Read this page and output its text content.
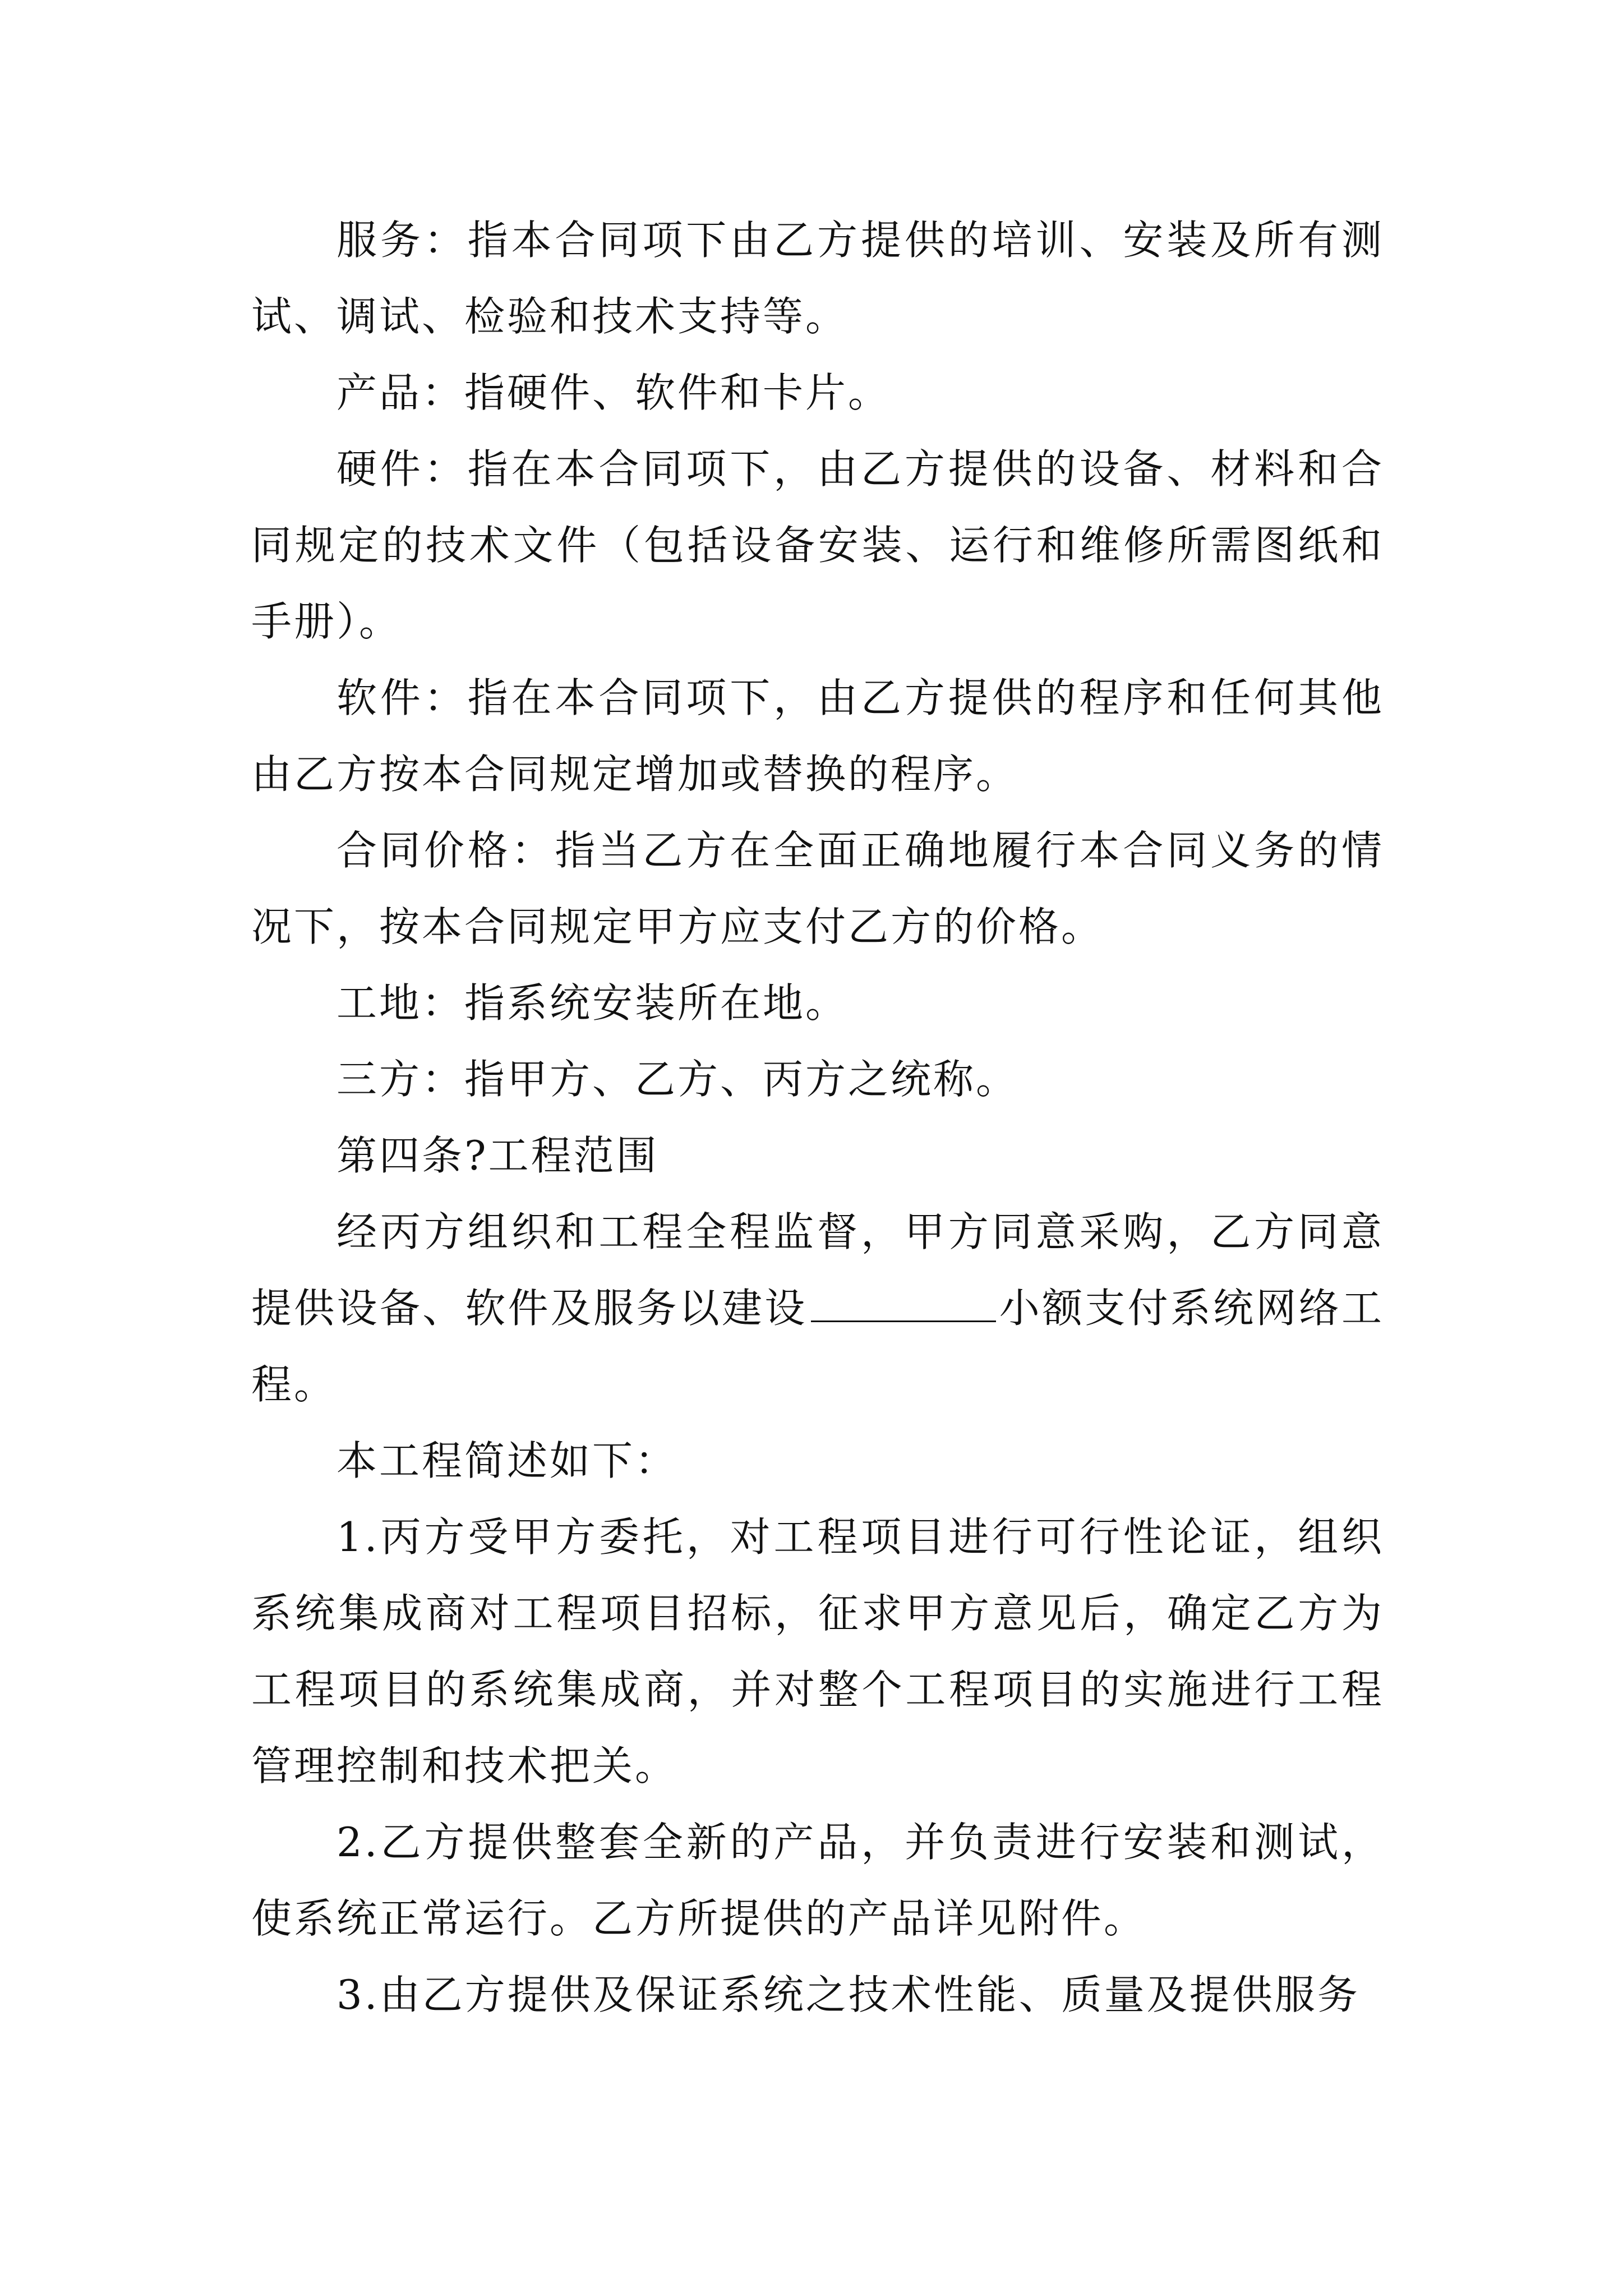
服务：指本合同项下由乙方提供的培训、安装及所有测试、调试、检验和技术支持等。

产品：指硬件、软件和卡片。

硬件：指在本合同项下，由乙方提供的设备、材料和合同规定的技术文件（包括设备安装、运行和维修所需图纸和手册）。

软件：指在本合同项下，由乙方提供的程序和任何其他由乙方按本合同规定增加或替换的程序。

合同价格：指当乙方在全面正确地履行本合同义务的情况下，按本合同规定甲方应支付乙方的价格。

工地：指系统安装所在地。

三方：指甲方、乙方、丙方之统称。

第四条?工程范围

经丙方组织和工程全程监督，甲方同意采购，乙方同意提供设备、软件及服务以建设	小额支付系统网络工程。

本工程简述如下：

1.丙方受甲方委托，对工程项目进行可行性论证，组织系统集成商对工程项目招标，征求甲方意见后，确定乙方为工程项目的系统集成商，并对整个工程项目的实施进行工程管理控制和技术把关。

2.乙方提供整套全新的产品，并负责进行安装和测试，使系统正常运行。乙方所提供的产品详见附件。

3.由乙方提供及保证系统之技术性能、质量及提供服务
